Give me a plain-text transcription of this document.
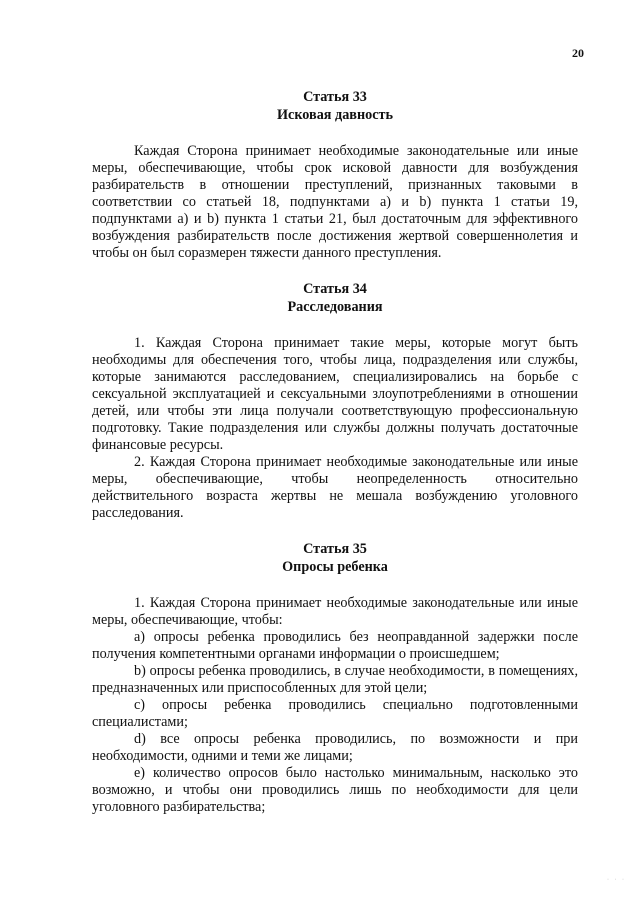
20
Статья 33
Исковая давность

Каждая Сторона принимает необходимые законодательные или иные меры, обеспечивающие, чтобы срок исковой давности для возбуждения разбирательств в отношении преступлений, признанных таковыми в соответствии со статьей 18, подпунктами а) и b) пункта 1 статьи 19, подпунктами а) и b) пункта 1 статьи 21, был достаточным для эффективного возбуждения разбирательств после достижения жертвой совершеннолетия и чтобы он был соразмерен тяжести данного преступления.

Статья 34
Расследования

1. Каждая Сторона принимает такие меры, которые могут быть необходимы для обеспечения того, чтобы лица, подразделения или службы, которые занимаются расследованием, специализировались на борьбе с сексуальной эксплуатацией и сексуальными злоупотреблениями в отношении детей, или чтобы эти лица получали соответствующую профессиональную подготовку. Такие подразделения или службы должны получать достаточные финансовые ресурсы.

2. Каждая Сторона принимает необходимые законодательные или иные меры, обеспечивающие, чтобы неопределенность относительно действительного возраста жертвы не мешала возбуждению уголовного расследования.

Статья 35
Опросы ребенка

1. Каждая Сторона принимает необходимые законодательные или иные меры, обеспечивающие, чтобы:

а) опросы ребенка проводились без неоправданной задержки после получения компетентными органами информации о происшедшем;

b) опросы ребенка проводились, в случае необходимости, в помещениях, предназначенных или приспособленных для этой цели;

с) опросы ребенка проводились специально подготовленными специалистами;

d) все опросы ребенка проводились, по возможности и при необходимости, одними и теми же лицами;

е) количество опросов было настолько минимальным, насколько это возможно, и чтобы они проводились лишь по необходимости для цели уголовного разбирательства;

· · ·
